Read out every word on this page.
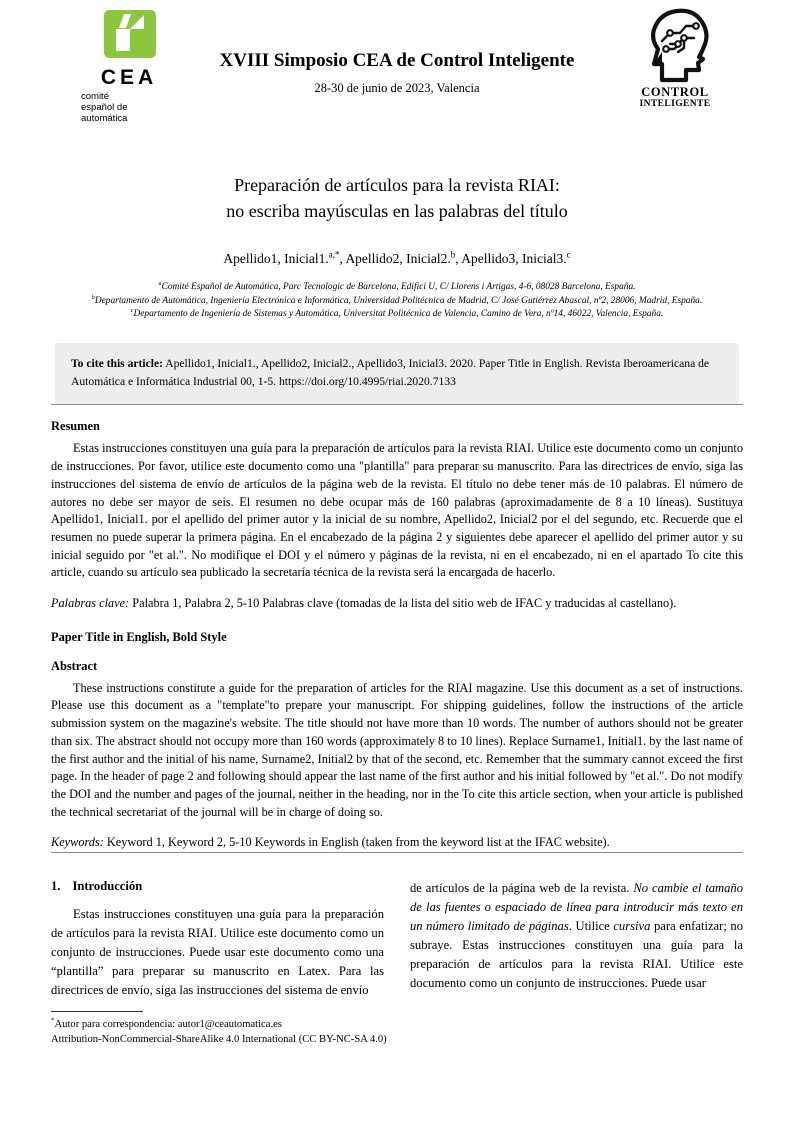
CEA
comité
español de
automática
XVIII Simposio CEA de Control Inteligente
28-30 de junio de 2023, Valencia	CONTROL
INTELIGENTE
Preparación de artículos para la revista RIAI:
no escriba mayúsculas en las palabras del título
Apellido1, Inicial1.$^{a,*}$, Apellido2, Inicial2.$^b$, Apellido3, Inicial3.$^c$
$^a$Comité Español de Automática, Parc Tecnologic de Barcelona, Edifici U, C/ Llorens i Artigas, 4-6, 08028 Barcelona, España.
$^b$Departamento de Automática, Ingeniería Electrónica e Informática, Universidad Politécnica de Madrid, C/ José Gutiérrez Abascal, nº2, 28006, Madrid, España.
$^c$Departamento de Ingeniería de Sistemas y Automática, Universitat Politécnica de Valencia, Camino de Vera, nº14, 46022, Valencia, España.
To cite this article: Apellido1, Inicial1., Apellido2, Inicial2., Apellido3, Inicial3. 2020. Paper Title in English. Revista Iberoamericana de Automática e Informática Industrial 00, 1-5. https://doi.org/10.4995/riai.2020.7133
Resumen
Estas instrucciones constituyen una guía para la preparación de artículos para la revista RIAI. Utilice este documento como un conjunto de instrucciones. Por favor, utilice este documento como una "plantilla" para preparar su manuscrito. Para las directrices de envío, siga las instrucciones del sistema de envío de artículos de la página web de la revista. El título no debe tener más de 10 palabras. El número de autores no debe ser mayor de seis. El resumen no debe ocupar más de 160 palabras (aproximadamente de 8 a 10 líneas). Sustituya Apellido1, Inicial1. por el apellido del primer autor y la inicial de su nombre, Apellido2, Inicial2 por el del segundo, etc. Recuerde que el resumen no puede superar la primera página. En el encabezado de la página 2 y siguientes debe aparecer el apellido del primer autor y su inicial seguido por "et al.". No modifique el DOI y el número y páginas de la revista, ni en el encabezado, ni en el apartado To cite this article, cuando su artículo sea publicado la secretaría técnica de la revista será la encargada de hacerlo.
Palabras clave: Palabra 1, Palabra 2, 5-10 Palabras clave (tomadas de la lista del sitio web de IFAC y traducidas al castellano).
Paper Title in English, Bold Style
Abstract
These instructions constitute a guide for the preparation of articles for the RIAI magazine. Use this document as a set of instructions. Please use this document as a "template"to prepare your manuscript. For shipping guidelines, follow the instructions of the article submission system on the magazine's website. The title should not have more than 10 words. The number of authors should not be greater than six. The abstract should not occupy more than 160 words (approximately 8 to 10 lines). Replace Surname1, Initial1. by the last name of the first author and the initial of his name, Surname2, Initial2 by that of the second, etc. Remember that the summary cannot exceed the first page. In the header of page 2 and following should appear the last name of the first author and his initial followed by "et al.". Do not modify the DOI and the number and pages of the journal, neither in the heading, nor in the To cite this article section, when your article is published the technical secretariat of the journal will be in charge of doing so.
Keywords: Keyword 1, Keyword 2, 5-10 Keywords in English (taken from the keyword list at the IFAC website).
1. Introducción
Estas instrucciones constituyen una guía para la preparación de artículos para la revista RIAI. Utilice este documento como un conjunto de instrucciones. Puede usar este documento como una “plantilla” para preparar su manuscrito en Latex. Para las directrices de envío, siga las instrucciones del sistema de envío
de artículos de la página web de la revista. No cambie el tamaño de las fuentes o espaciado de línea para introducir más texto en un número limitado de páginas. Utilice cursiva para enfatizar; no subraye. Estas instrucciones constituyen una guía para la preparación de artículos para la revista RIAI. Utilice este documento como un conjunto de instrucciones. Puede usar
*Autor para correspondencia: autor1@ceautomatica.es
Attribution-NonCommercial-ShareAlike 4.0 International (CC BY-NC-SA 4.0)
